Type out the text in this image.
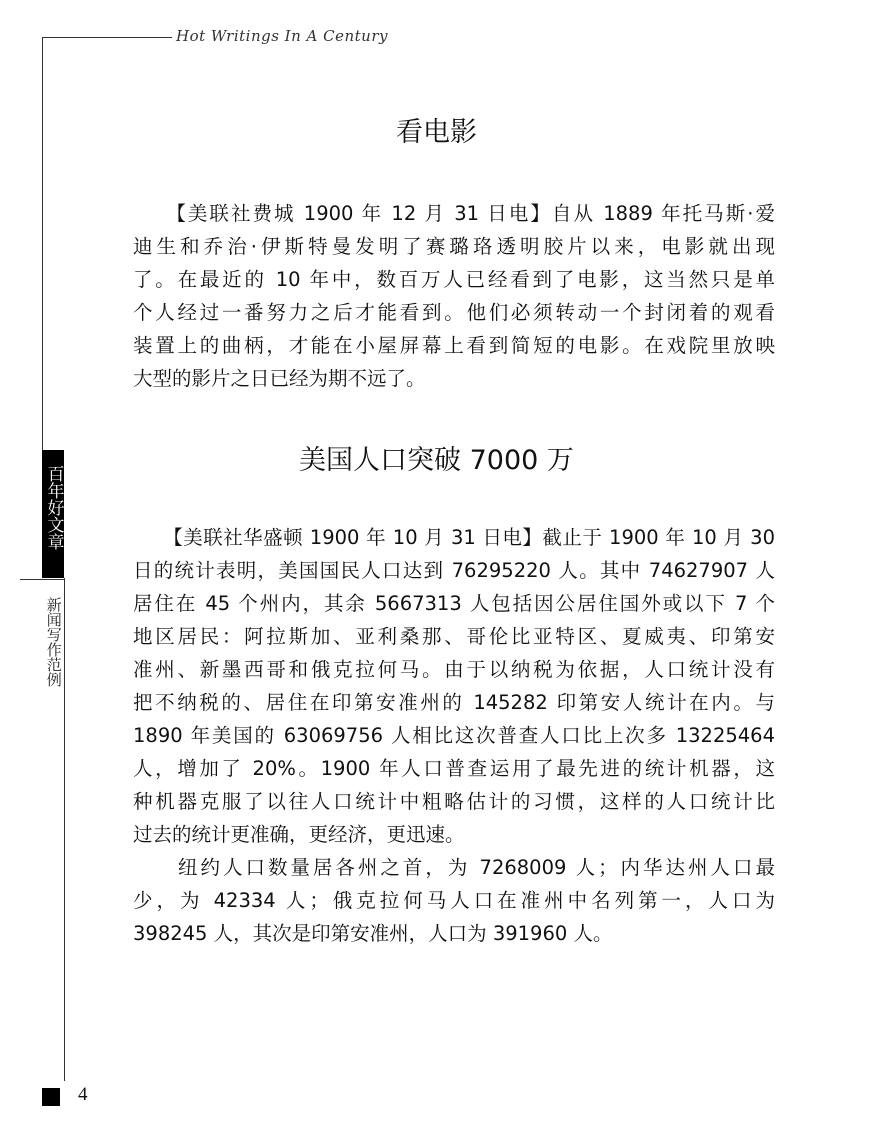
Hot Writings In A Century
百年好文章
新闻写作范例
看电影
　　【美联社费城 1900 年 12 月 31 日电】自从 1889 年托马斯·爱
迪生和乔治·伊斯特曼发明了赛璐珞透明胶片以来，电影就出现
了。在最近的 10 年中，数百万人已经看到了电影，这当然只是单
个人经过一番努力之后才能看到。他们必须转动一个封闭着的观看
装置上的曲柄，才能在小屋屏幕上看到简短的电影。在戏院里放映
大型的影片之日已经为期不远了。
美国人口突破 7000 万
　　【美联社华盛顿 1900 年 10 月 31 日电】截止于 1900 年 10 月 30
日的统计表明，美国国民人口达到 76295220 人。其中 74627907 人
居住在 45 个州内，其余 5667313 人包括因公居住国外或以下 7 个
地区居民：阿拉斯加、亚利桑那、哥伦比亚特区、夏威夷、印第安
准州、新墨西哥和俄克拉何马。由于以纳税为依据，人口统计没有
把不纳税的、居住在印第安准州的 145282 印第安人统计在内。与
1890 年美国的 63069756 人相比这次普查人口比上次多 13225464
人，增加了 20%。1900 年人口普查运用了最先进的统计机器，这
种机器克服了以往人口统计中粗略估计的习惯，这样的人口统计比
过去的统计更准确，更经济，更迅速。
　　纽约人口数量居各州之首，为 7268009 人；内华达州人口最
少，为 42334 人；俄克拉何马人口在准州中名列第一，人口为
398245 人，其次是印第安准州，人口为 391960 人。
4
